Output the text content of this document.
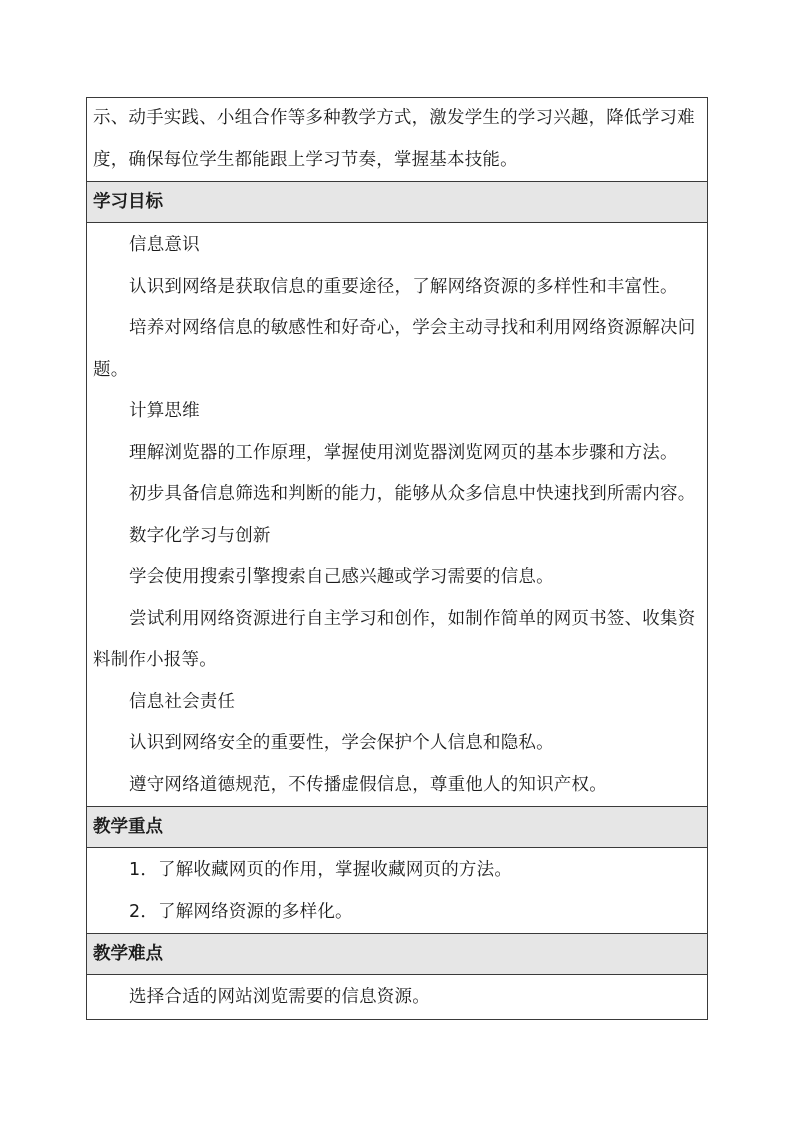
示、动手实践、小组合作等多种教学方式，激发学生的学习兴趣，降低学习难度，确保每位学生都能跟上学习节奏，掌握基本技能。

学习目标

信息意识

认识到网络是获取信息的重要途径，了解网络资源的多样性和丰富性。

培养对网络信息的敏感性和好奇心，学会主动寻找和利用网络资源解决问题。

计算思维

理解浏览器的工作原理，掌握使用浏览器浏览网页的基本步骤和方法。

初步具备信息筛选和判断的能力，能够从众多信息中快速找到所需内容。

数字化学习与创新

学会使用搜索引擎搜索自己感兴趣或学习需要的信息。

尝试利用网络资源进行自主学习和创作，如制作简单的网页书签、收集资料制作小报等。

信息社会责任

认识到网络安全的重要性，学会保护个人信息和隐私。

遵守网络道德规范，不传播虚假信息，尊重他人的知识产权。

教学重点

1．了解收藏网页的作用，掌握收藏网页的方法。

2．了解网络资源的多样化。

教学难点

选择合适的网站浏览需要的信息资源。
